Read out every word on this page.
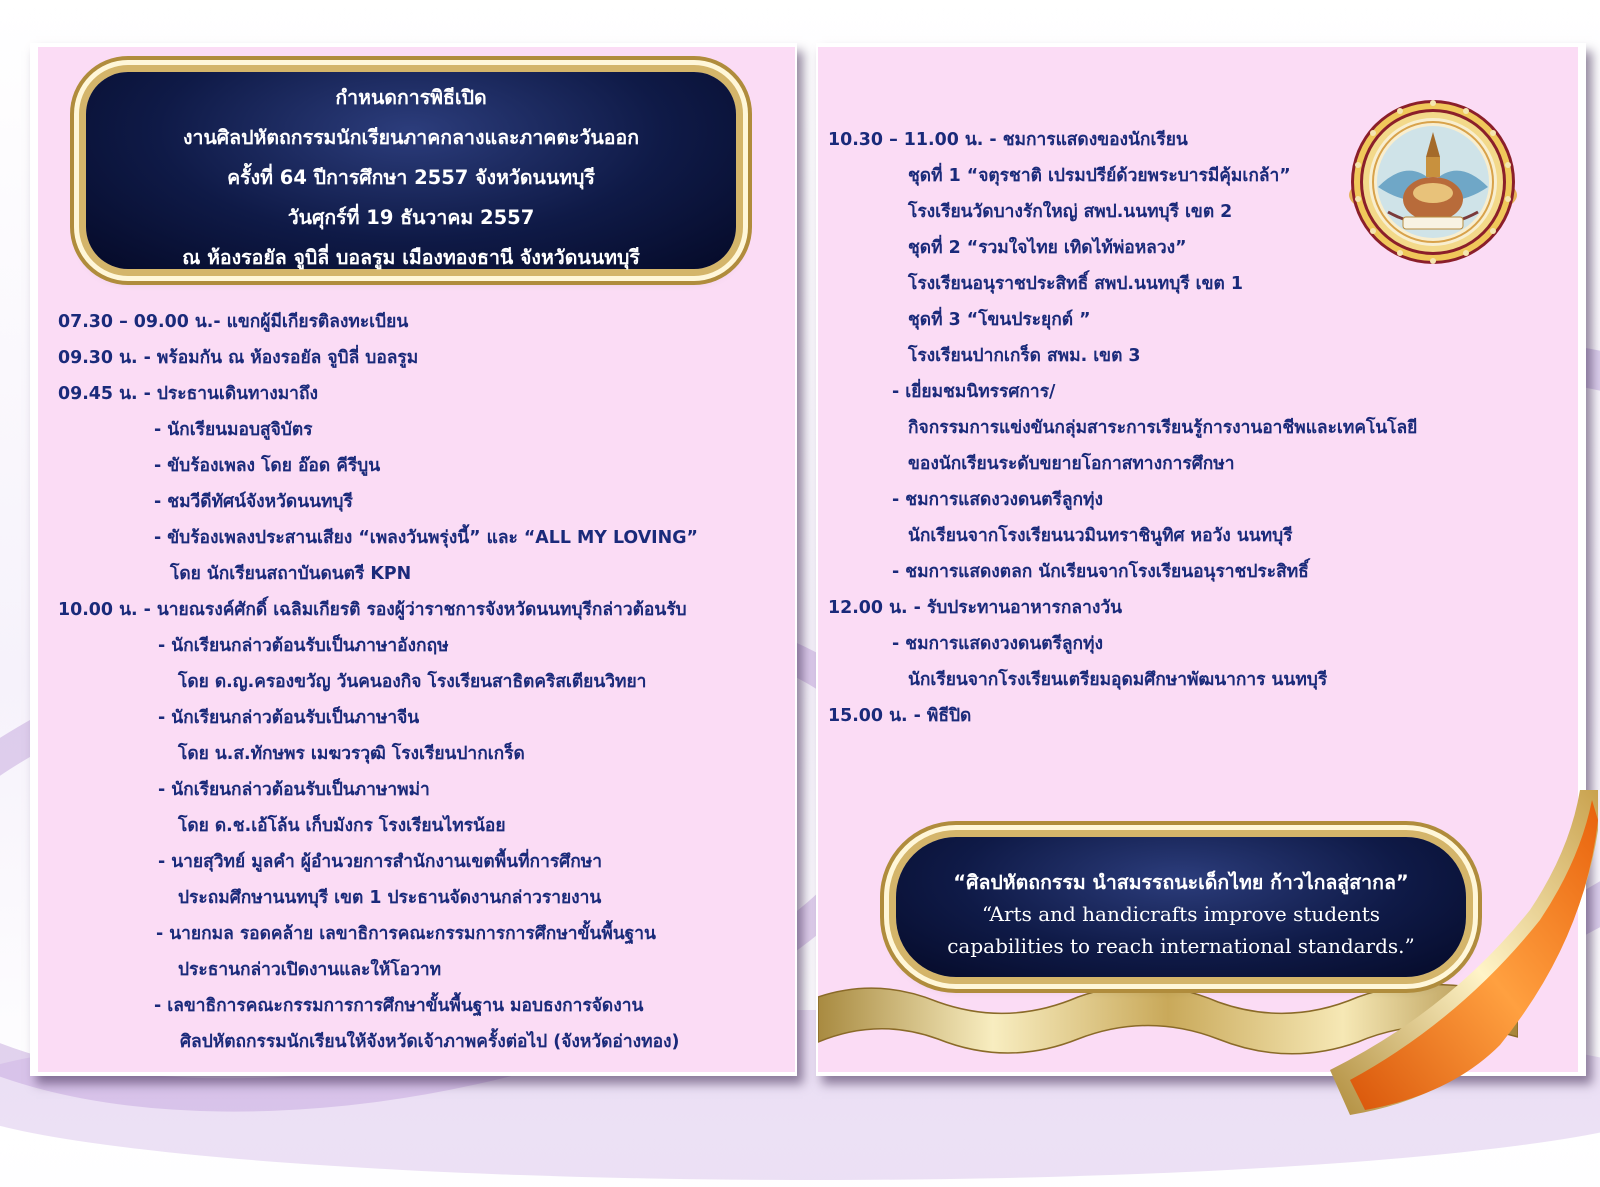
กำหนดการพิธีเปิด
งานศิลปหัตถกรรมนักเรียนภาคกลางและภาคตะวันออก
ครั้งที่ 64 ปีการศึกษา 2557 จังหวัดนนทบุรี
วันศุกร์ที่ 19 ธันวาคม 2557
ณ ห้องรอยัล จูบิลี่ บอลรูม เมืองทองธานี จังหวัดนนทบุรี
07.30 – 09.00 น.- แขกผู้มีเกียรติลงทะเบียน
09.30 น. - พร้อมกัน ณ ห้องรอยัล จูบิลี่ บอลรูม
09.45 น. - ประธานเดินทางมาถึง
- นักเรียนมอบสูจิบัตร
- ขับร้องเพลง โดย อ๊อด คีรีบูน
- ชมวีดีทัศน์จังหวัดนนทบุรี
- ขับร้องเพลงประสานเสียง “เพลงวันพรุ่งนี้” และ “ALL MY LOVING”
โดย นักเรียนสถาบันดนตรี KPN
10.00 น. - นายณรงค์ศักดิ์ เฉลิมเกียรติ รองผู้ว่าราชการจังหวัดนนทบุรีกล่าวต้อนรับ
- นักเรียนกล่าวต้อนรับเป็นภาษาอังกฤษ
โดย ด.ญ.ครองขวัญ วันคนองกิจ โรงเรียนสาธิตคริสเตียนวิทยา
- นักเรียนกล่าวต้อนรับเป็นภาษาจีน
โดย น.ส.ทักษพร เมฆวรวุฒิ โรงเรียนปากเกร็ด
- นักเรียนกล่าวต้อนรับเป็นภาษาพม่า
โดย ด.ช.เอ้โล้น เก็บมังกร โรงเรียนไทรน้อย
- นายสุวิทย์ มูลคำ ผู้อำนวยการสำนักงานเขตพื้นที่การศึกษา
ประถมศึกษานนทบุรี เขต 1 ประธานจัดงานกล่าวรายงาน
- นายกมล รอดคล้าย เลขาธิการคณะกรรมการการศึกษาขั้นพื้นฐาน
ประธานกล่าวเปิดงานและให้โอวาท
- เลขาธิการคณะกรรมการการศึกษาขั้นพื้นฐาน มอบธงการจัดงาน
ศิลปหัตถกรรมนักเรียนให้จังหวัดเจ้าภาพครั้งต่อไป (จังหวัดอ่างทอง)
10.30 – 11.00 น. - ชมการแสดงของนักเรียน
ชุดที่ 1 “จตุรชาติ เปรมปรีย์ด้วยพระบารมีคุ้มเกล้า”
โรงเรียนวัดบางรักใหญ่ สพป.นนทบุรี เขต 2
ชุดที่ 2 “รวมใจไทย เทิดไท้พ่อหลวง”
โรงเรียนอนุราชประสิทธิ์ สพป.นนทบุรี เขต 1
ชุดที่ 3 “โขนประยุกต์ ”
โรงเรียนปากเกร็ด สพม. เขต 3
- เยี่ยมชมนิทรรศการ/
กิจกรรมการแข่งขันกลุ่มสาระการเรียนรู้การงานอาชีพและเทคโนโลยี
ของนักเรียนระดับขยายโอกาสทางการศึกษา
- ชมการแสดงวงดนตรีลูกทุ่ง
นักเรียนจากโรงเรียนนวมินทราชินูทิศ หอวัง นนทบุรี
- ชมการแสดงตลก นักเรียนจากโรงเรียนอนุราชประสิทธิ์
12.00 น. - รับประทานอาหารกลางวัน
- ชมการแสดงวงดนตรีลูกทุ่ง
นักเรียนจากโรงเรียนเตรียมอุดมศึกษาพัฒนาการ นนทบุรี
15.00 น. - พิธีปิด
“ศิลปหัตถกรรม นำสมรรถนะเด็กไทย ก้าวไกลสู่สากล”
“Arts and handicrafts improve students
capabilities to reach international standards.”
